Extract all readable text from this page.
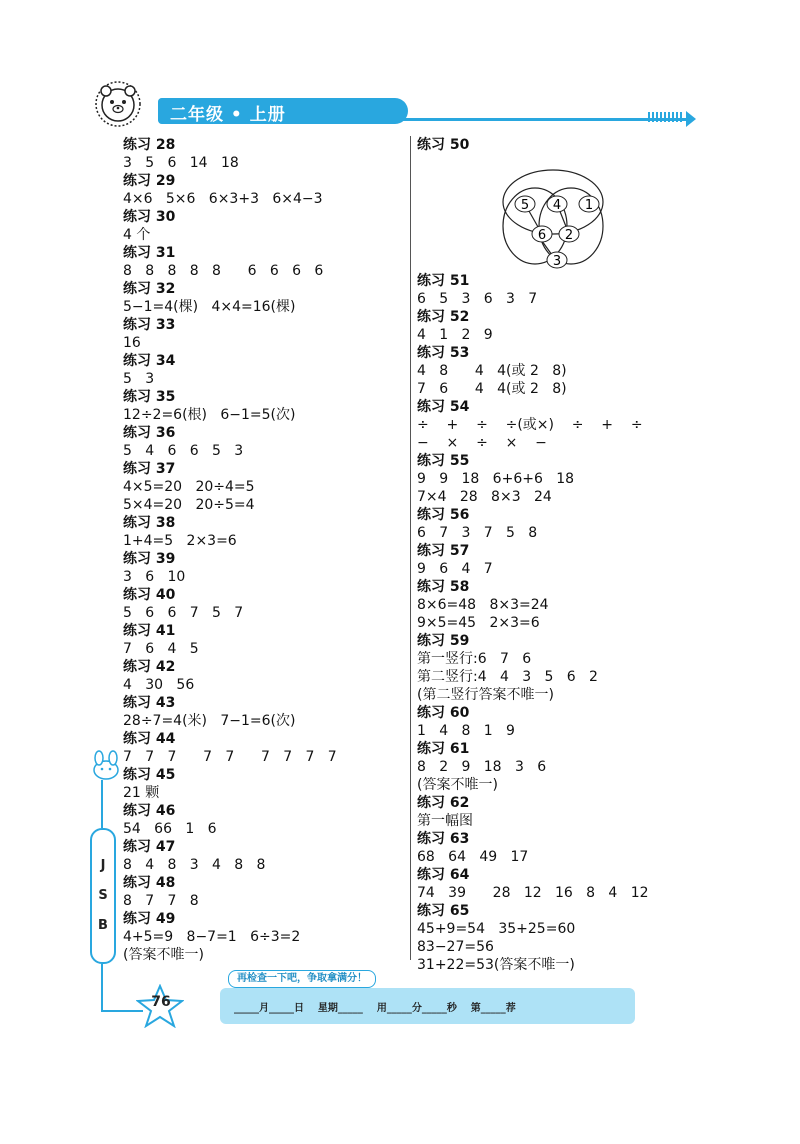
二年级 • 上册
练习 28
3   5   6   14   18
练习 29
4×6   5×6   6×3+3   6×4−3
练习 30
4 个
练习 31
8   8   8   8   8      6   6   6   6
练习 32
5−1=4(棵)   4×4=16(棵)
练习 33
16
练习 34
5   3
练习 35
12÷2=6(根)   6−1=5(次)
练习 36
5   4   6   6   5   3
练习 37
4×5=20   20÷4=5
5×4=20   20÷5=4
练习 38
1+4=5   2×3=6
练习 39
3   6   10
练习 40
5   6   6   7   5   7
练习 41
7   6   4   5
练习 42
4   30   56
练习 43
28÷7=4(米)   7−1=6(次)
练习 44
7   7   7      7   7      7   7   7   7
练习 45
21 颗
练习 46
54   66   1   6
练习 47
8   4   8   3   4   8   8
练习 48
8   7   7   8
练习 49
4+5=9   8−7=1   6÷3=2
(答案不唯一)
练习 50
5 4 1
6 2
3
练习 51
6   5   3   6   3   7
练习 52
4   1   2   9
练习 53
4   8      4   4(或 2   8)
7   6      4   4(或 2   8)
练习 54
÷    +    ÷    ÷(或×)    ÷    +    ÷
−    ×    ÷    ×    −
练习 55
9   9   18   6+6+6   18
7×4   28   8×3   24
练习 56
6   7   3   7   5   8
练习 57
9   6   4   7
练习 58
8×6=48   8×3=24
9×5=45   2×3=6
练习 59
第一竖行:6   7   6
第二竖行:4   4   3   5   6   2
(第二竖行答案不唯一)
练习 60
1   4   8   1   9
练习 61
8   2   9   18   3   6
(答案不唯一)
练习 62
第一幅图
练习 63
68   64   49   17
练习 64
74   39      28   12   16   8   4   12
练习 65
45+9=54   35+25=60
83−27=56
31+22=53(答案不唯一)
J
S
B
76
再检查一下吧，争取拿满分！
_____月_____日    星期_____    用_____分_____秒    第_____荐
